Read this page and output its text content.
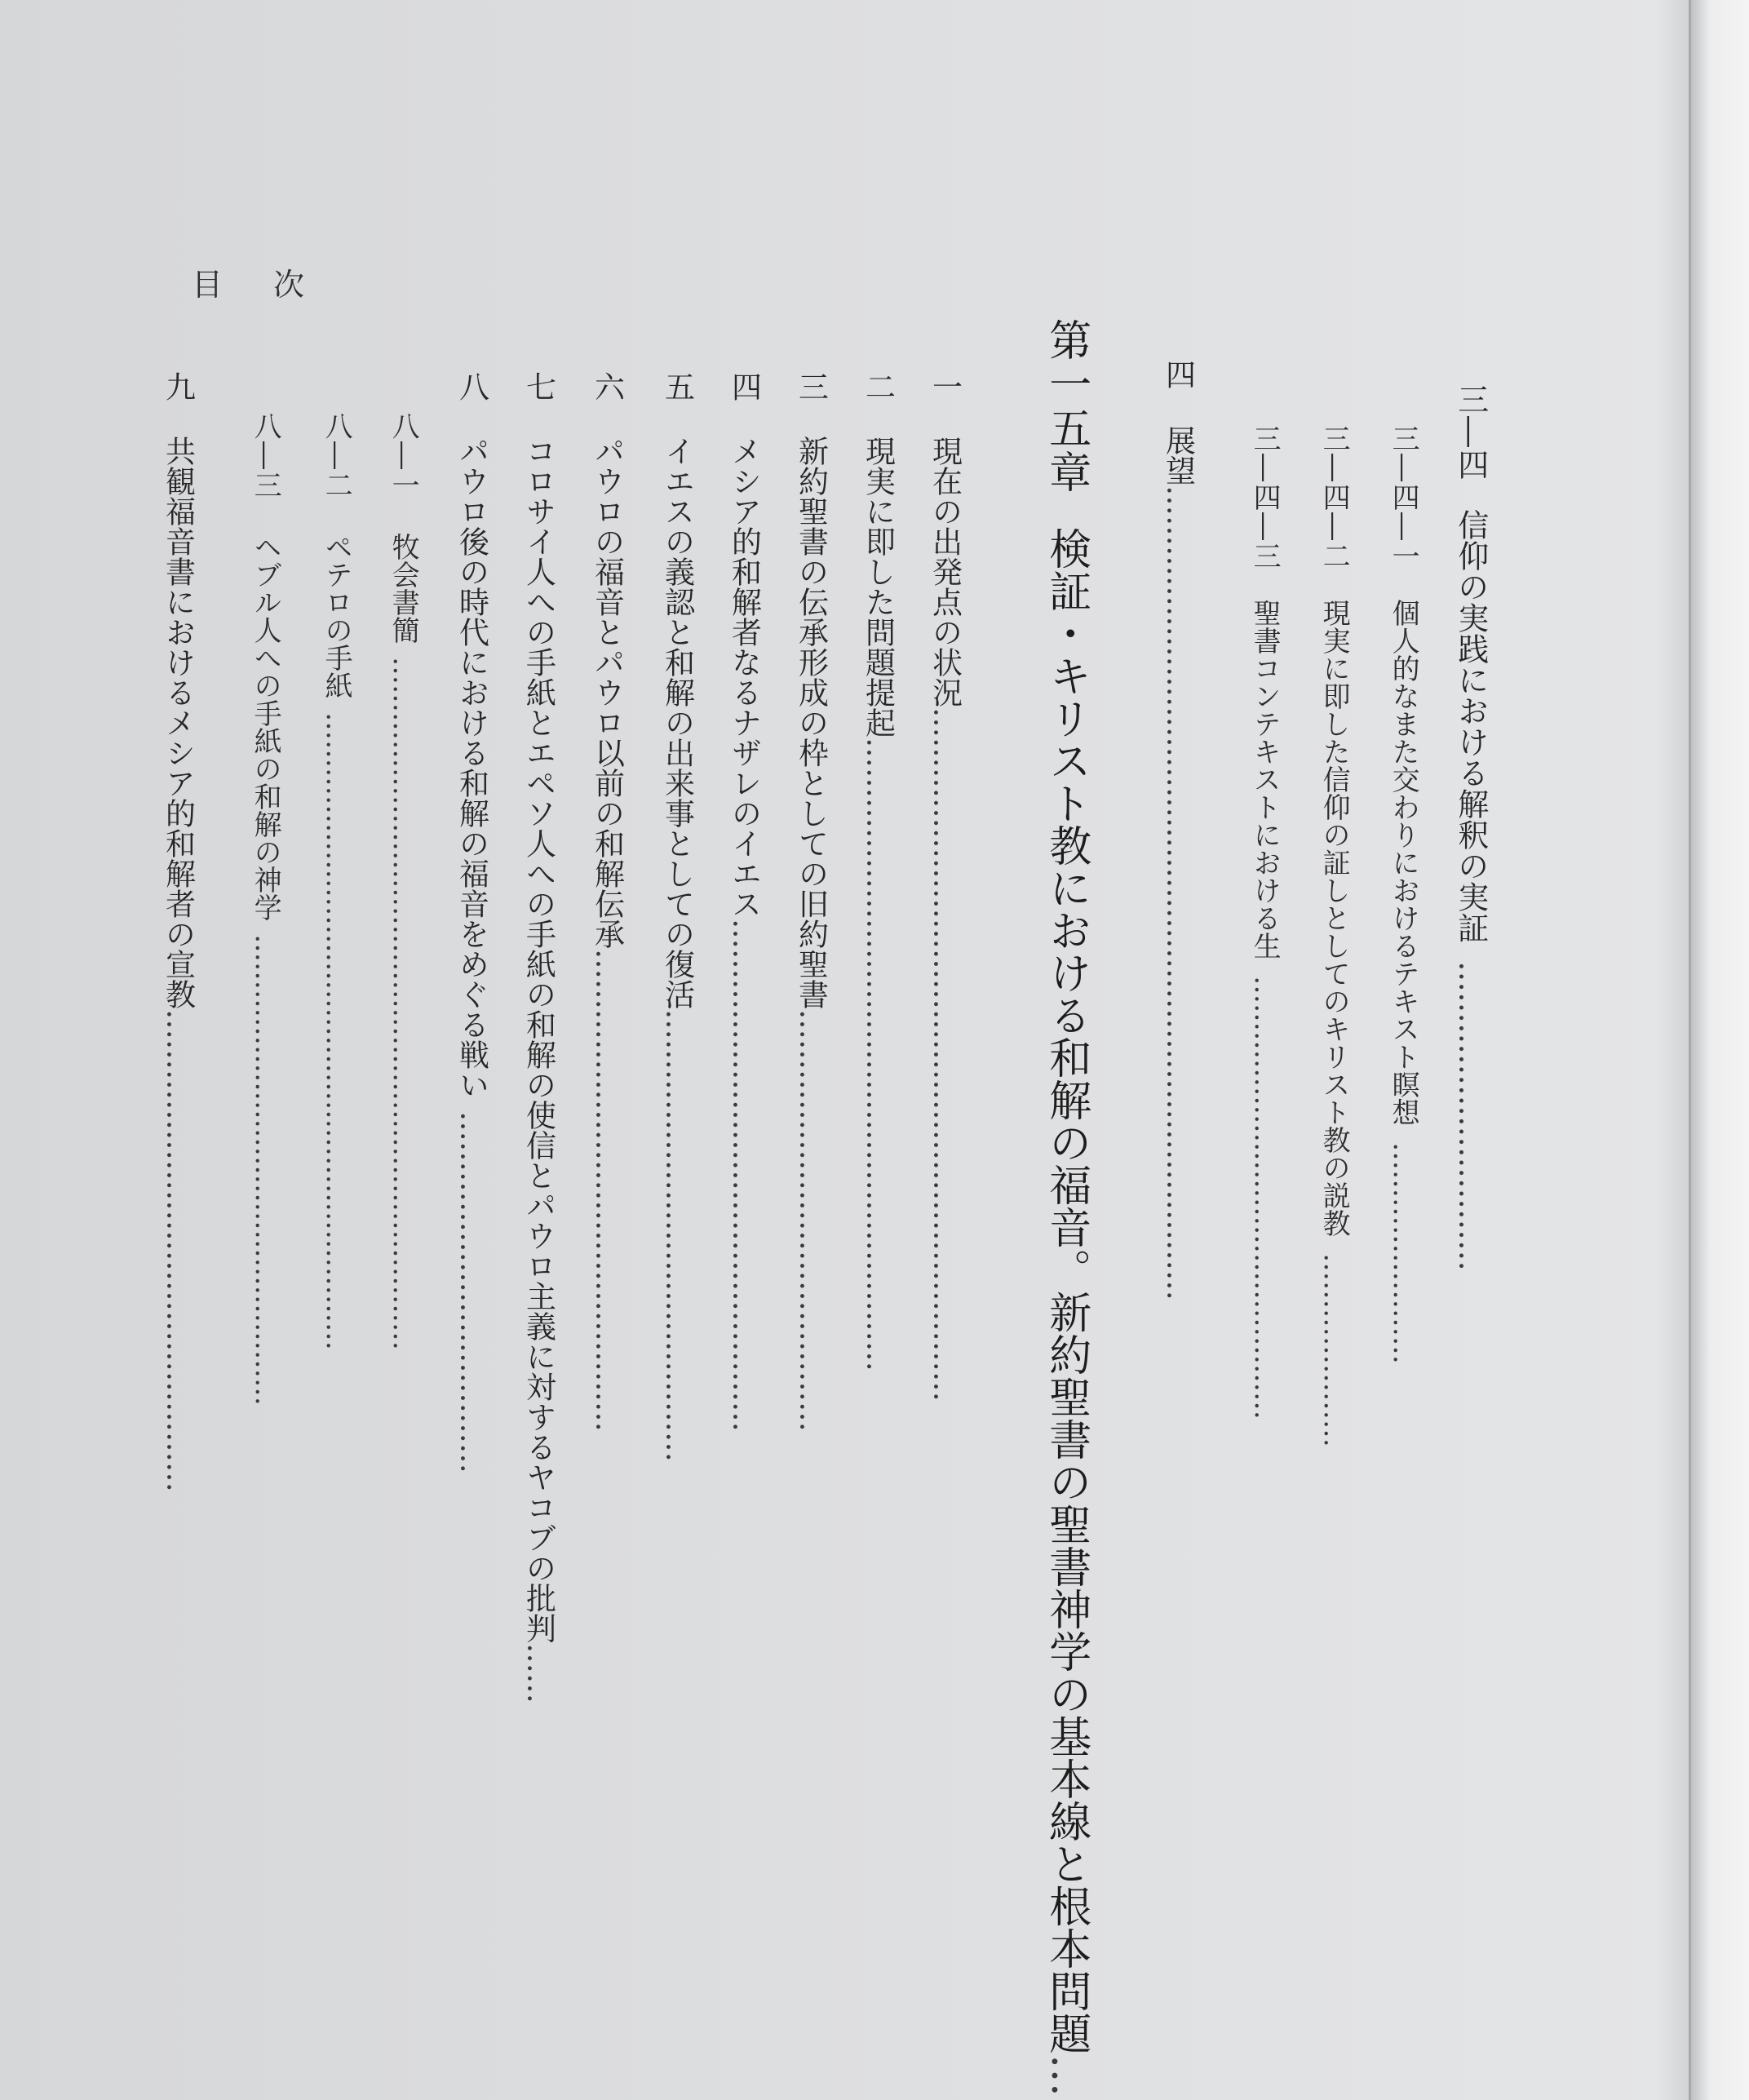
目次
三―四信仰の実践における解釈の実証…………………………
三―四―一個人的なまた交わりにおけるテキスト瞑想……………………
三―四―二現実に即した信仰の証しとしてのキリスト教の説教…………………
三―四―三聖書コンテキストにおける生…………………………………………
四展望………………………………………………………………………
第一五章検証・キリスト教における和解の福音。新約聖書の聖書神学の基本線と根本問題…
一現在の出発点の状況……………………………………………………………
二現実に即した問題提起………………………………………………………
三新約聖書の伝承形成の枠としての旧約聖書……………………………………
四メシア的和解者なるナザレのイエス……………………………………………
五イエスの義認と和解の出来事としての復活………………………………………
六パウロの福音とパウロ以前の和解伝承…………………………………………
七コロサイ人への手紙とエペソ人への手紙の和解の使信とパウロ主義に対するヤコブの批判……
八パウロ後の時代における和解の福音をめぐる戦い………………………………
八―一牧会書簡…………………………………………………………………
八―二ペテロの手紙……………………………………………………………
八―三ヘブル人への手紙の和解の神学……………………………………………
九共観福音書におけるメシア的和解者の宣教…………………………………………
